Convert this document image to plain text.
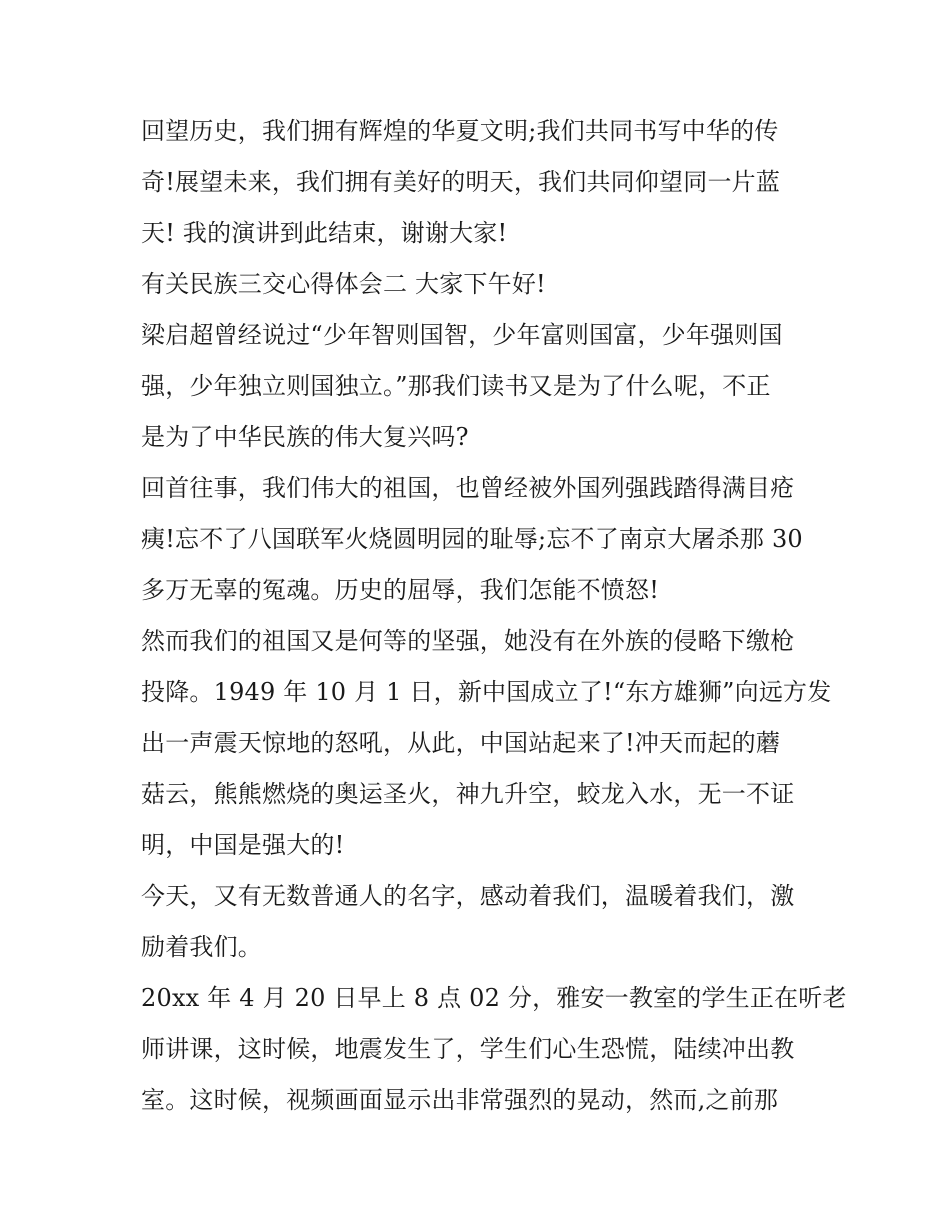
回望历史，我们拥有辉煌的华夏文明;我们共同书写中华的传
奇!展望未来，我们拥有美好的明天，我们共同仰望同一片蓝
天! 我的演讲到此结束，谢谢大家!
有关民族三交心得体会二 大家下午好!
梁启超曾经说过“少年智则国智，少年富则国富，少年强则国
强，少年独立则国独立。”那我们读书又是为了什么呢，不正
是为了中华民族的伟大复兴吗?
回首往事，我们伟大的祖国，也曾经被外国列强践踏得满目疮
痍!忘不了八国联军火烧圆明园的耻辱;忘不了南京大屠杀那 30
多万无辜的冤魂。历史的屈辱，我们怎能不愤怒!
然而我们的祖国又是何等的坚强，她没有在外族的侵略下缴枪
投降。1949 年 10 月 1 日，新中国成立了!“东方雄狮”向远方发
出一声震天惊地的怒吼，从此，中国站起来了!冲天而起的蘑
菇云，熊熊燃烧的奥运圣火，神九升空，蛟龙入水，无一不证
明，中国是强大的!
今天，又有无数普通人的名字，感动着我们，温暖着我们，激
励着我们。
20xx 年 4 月 20 日早上 8 点 02 分，雅安一教室的学生正在听老
师讲课，这时候，地震发生了，学生们心生恐慌，陆续冲出教
室。这时候，视频画面显示出非常强烈的晃动，然而,之前那
